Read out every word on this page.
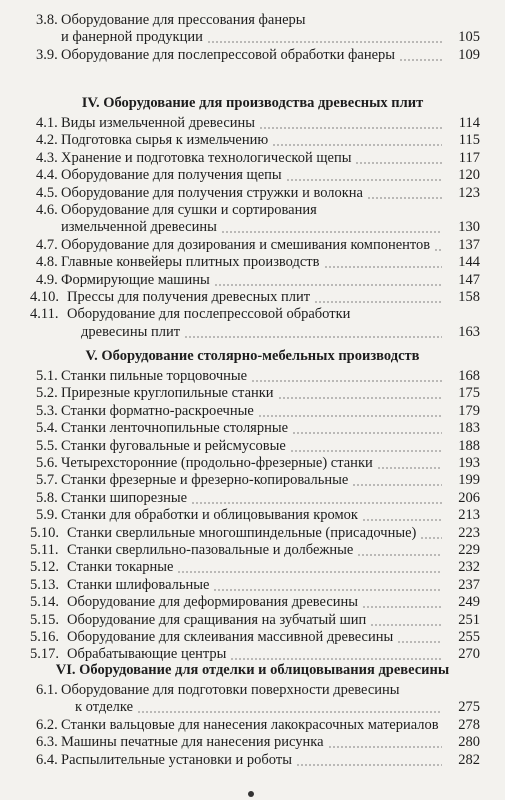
3.8. Оборудование для прессования фанеры
и фанерной продукции	105
3.9. Оборудование для послепрессовой обработки фанеры	109
IV. Оборудование для производства древесных плит
4.1. Виды измельченной древесины	114
4.2. Подготовка сырья к измельчению	115
4.3. Хранение и подготовка технологической щепы	117
4.4. Оборудование для получения щепы	120
4.5. Оборудование для получения стружки и волокна	123
4.6. Оборудование для сушки и сортирования
измельченной древесины	130
4.7. Оборудование для дозирования и смешивания компонентов 137
4.8. Главные конвейеры плитных производств	144
4.9. Формирующие машины	147
4.10. Прессы для получения древесных плит	158
4.11. Оборудование для послепрессовой обработки
древесины плит	163
V. Оборудование столярно-мебельных производств
5.1. Станки пильные торцовочные	168
5.2. Прирезные круглопильные станки	175
5.3. Станки форматно-раскроечные	179
5.4. Станки ленточнопильные столярные	183
5.5. Станки фуговальные и рейсмусовые	188
5.6. Четырехсторонние (продольно-фрезерные) станки	193
5.7. Станки фрезерные и фрезерно-копировальные	199
5.8. Станки шипорезные	206
5.9. Станки для обработки и облицовывания кромок	213
5.10. Станки сверлильные многошпиндельные (присадочные)	223
5.11. Станки сверлильно-пазовальные и долбежные	229
5.12. Станки токарные	232
5.13. Станки шлифовальные	237
5.14. Оборудование для деформирования древесины	249
5.15. Оборудование для сращивания на зубчатый шип	251
5.16. Оборудование для склеивания массивной древесины	255
5.17. Обрабатывающие центры	270
VI. Оборудование для отделки и облицовывания древесины
6.1. Оборудование для подготовки поверхности древесины
к отделке	275
6.2. Станки вальцовые для нанесения лакокрасочных материалов 278
6.3. Машины печатные для нанесения рисунка	280
6.4. Распылительные установки и роботы	282
